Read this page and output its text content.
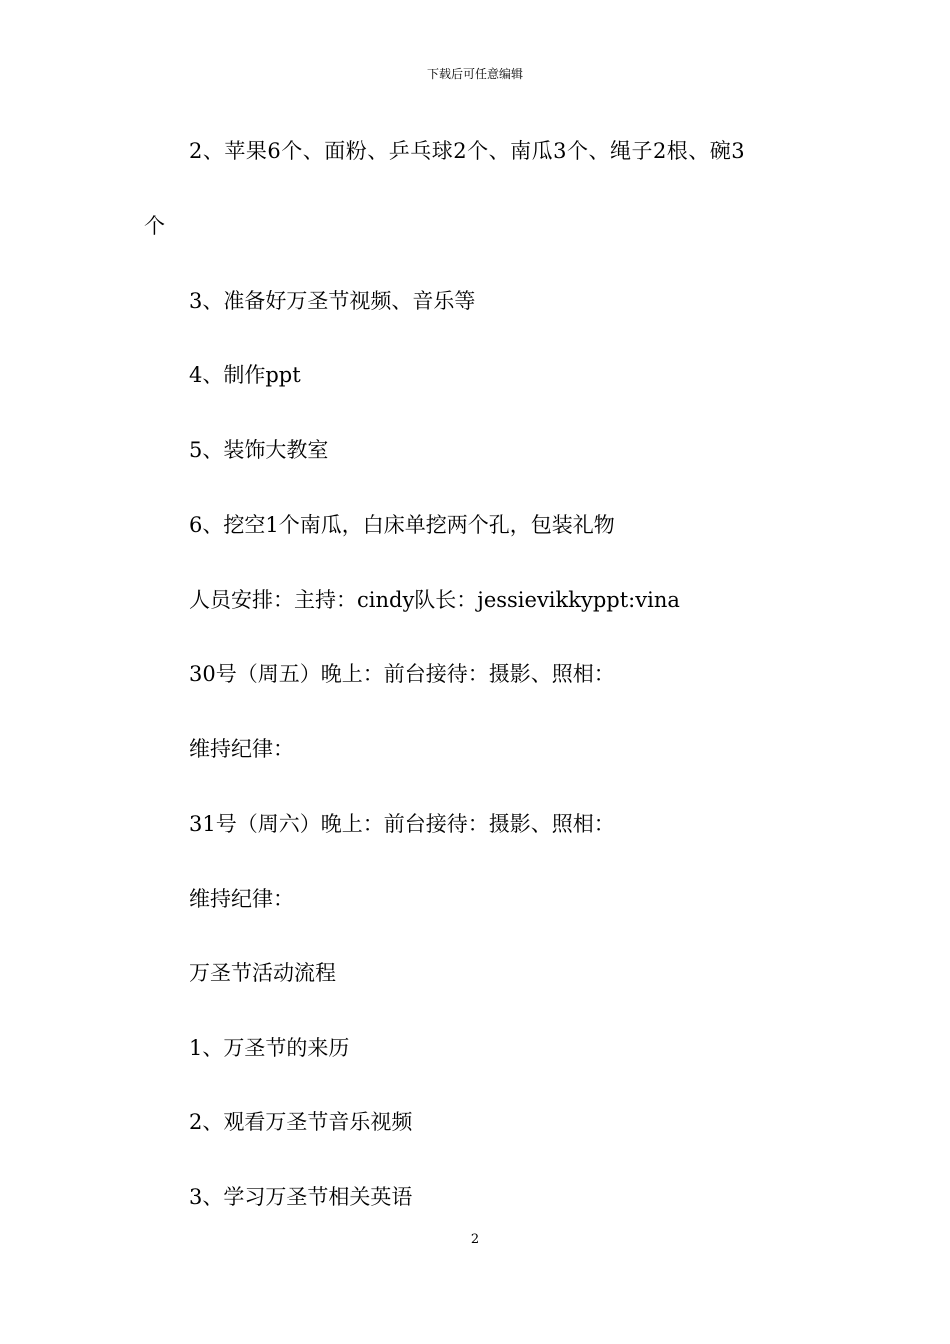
下载后可任意编辑
2、苹果6个、面粉、乒乓球2个、南瓜3个、绳子2根、碗3
个
3、准备好万圣节视频、音乐等
4、制作ppt
5、装饰大教室
6、挖空1个南瓜，白床单挖两个孔，包装礼物
人员安排：主持：cindy队长：jessievikkyppt:vina
30号（周五）晚上：前台接待：摄影、照相：
维持纪律：
31号（周六）晚上：前台接待：摄影、照相：
维持纪律：
万圣节活动流程
1、万圣节的来历
2、观看万圣节音乐视频
3、学习万圣节相关英语
2
